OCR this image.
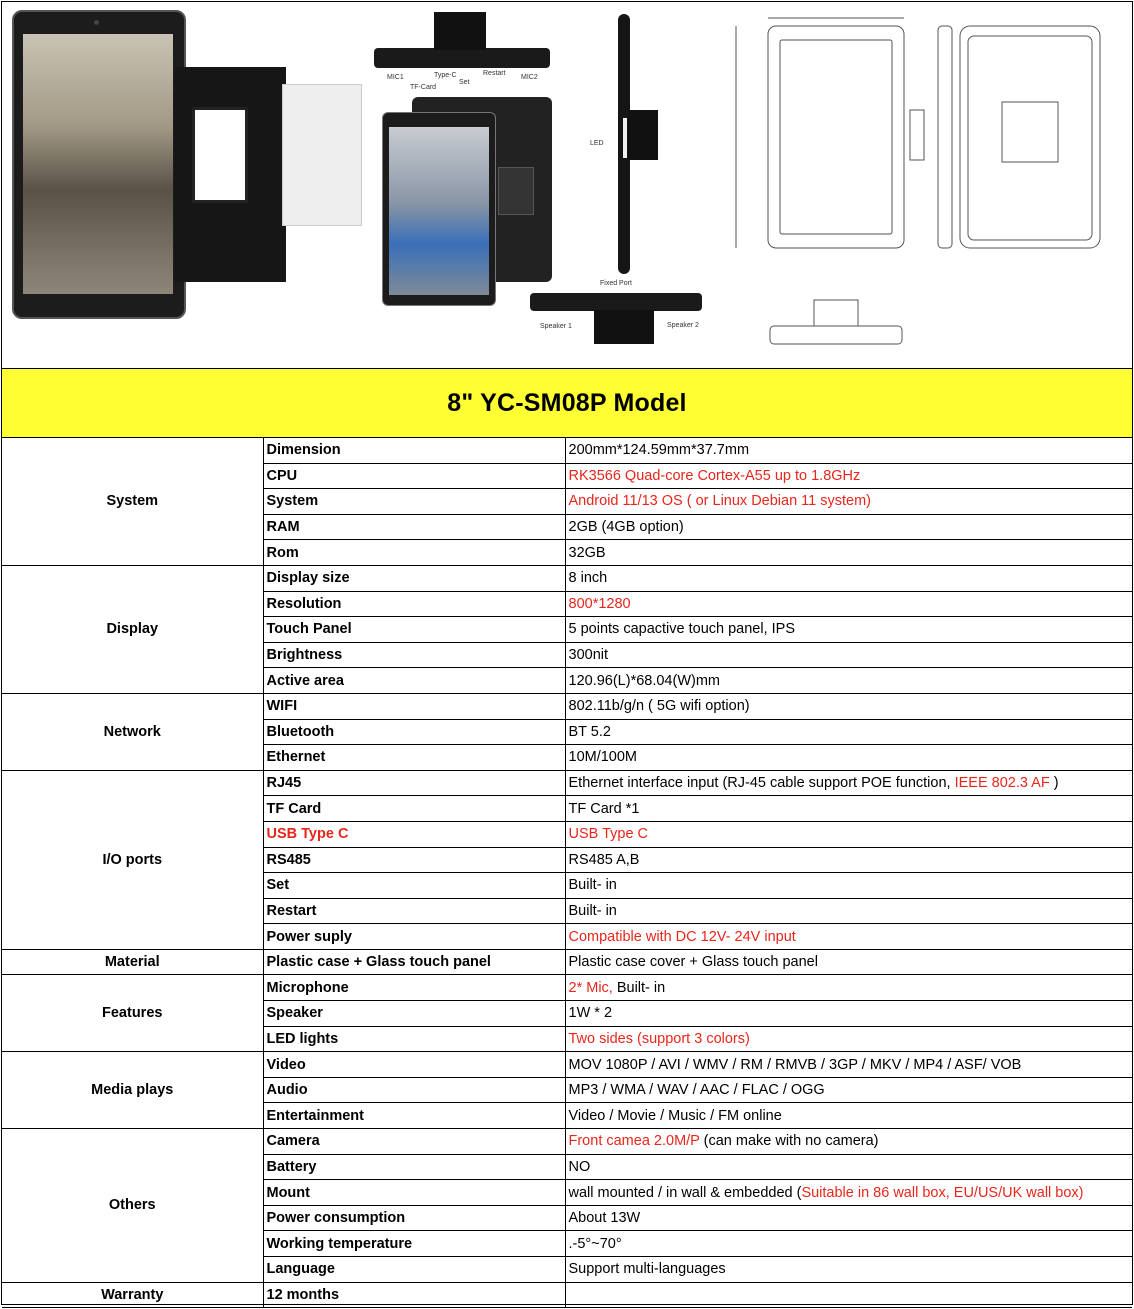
MIC1	Type-C
TF-Card
Set
Restart
MIC2
LED
Fixed Port
Speaker 1	Speaker 2
8" YC-SM08P Model
System	Dimension	200mm*124.59mm*37.7mm
	CPU	RK3566 Quad-core Cortex-A55 up to 1.8GHz
	System	Android 11/13 OS ( or Linux Debian 11 system)
	RAM	2GB (4GB option)
	Rom	32GB
Display	Display size	8 inch
	Resolution	800*1280
	Touch Panel	5 points capactive touch panel, IPS
	Brightness	300nit
	Active area	120.96(L)*68.04(W)mm
Network	WIFI	802.11b/g/n ( 5G wifi option)
	Bluetooth	BT 5.2
	Ethernet	10M/100M
I/O ports	RJ45	Ethernet interface input (RJ-45 cable support POE function, IEEE 802.3 AF )
	TF Card	TF Card *1
	USB Type C	USB Type C
	RS485	RS485 A,B
	Set	Built- in
	Restart	Built- in
	Power suply	Compatible with DC 12V- 24V input
Material	Plastic case + Glass touch panel	Plastic case cover + Glass touch panel
Features	Microphone	2* Mic, Built- in
	Speaker	1W * 2
	LED lights	Two sides (support 3 colors)
Media plays	Video	MOV 1080P / AVI / WMV / RM / RMVB / 3GP / MKV / MP4 / ASF/ VOB
	Audio	MP3 / WMA / WAV / AAC / FLAC / OGG
	Entertainment	Video / Movie / Music / FM online
Others	Camera	Front camea 2.0M/P (can make with no camera)
	Battery	NO
	Mount	wall mounted / in wall & embedded (Suitable in 86 wall box, EU/US/UK wall box)
	Power consumption	About 13W
	Working temperature	.-5°~70°
	Language	Support multi-languages
Warranty	12 months	
